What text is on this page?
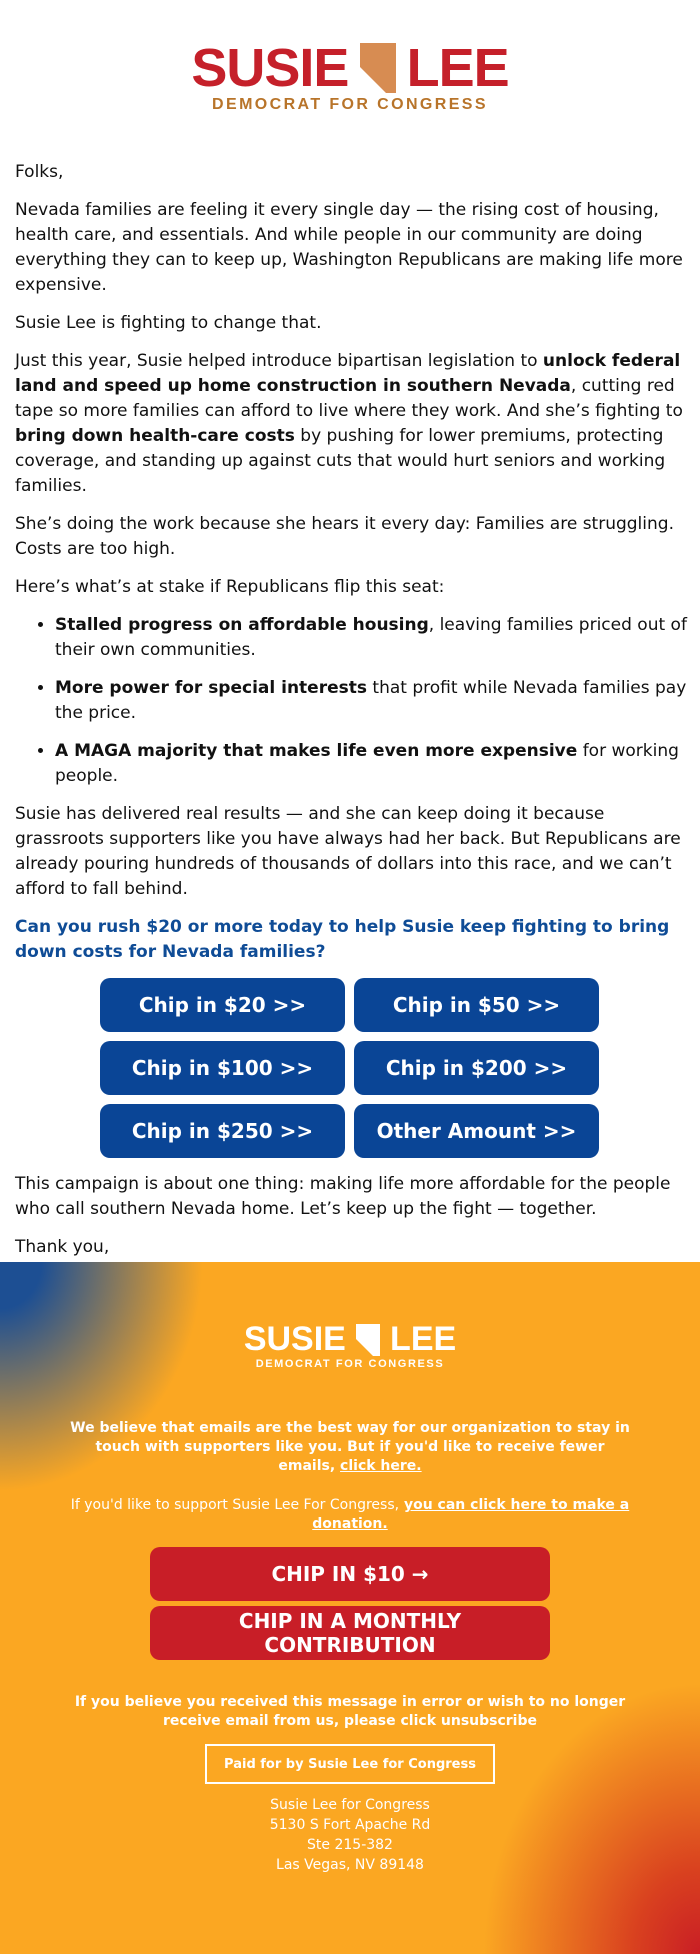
SUSIE LEE
DEMOCRAT FOR CONGRESS

Folks,

Nevada families are feeling it every single day — the rising cost of housing, health care, and essentials. And while people in our community are doing everything they can to keep up, Washington Republicans are making life more expensive.

Susie Lee is fighting to change that.

Just this year, Susie helped introduce bipartisan legislation to unlock federal land and speed up home construction in southern Nevada, cutting red tape so more families can afford to live where they work. And she’s fighting to bring down health-care costs by pushing for lower premiums, protecting coverage, and standing up against cuts that would hurt seniors and working families.

She’s doing the work because she hears it every day: Families are struggling. Costs are too high.

Here’s what’s at stake if Republicans flip this seat:

• Stalled progress on affordable housing, leaving families priced out of their own communities.
• More power for special interests that profit while Nevada families pay the price.
• A MAGA majority that makes life even more expensive for working people.

Susie has delivered real results — and she can keep doing it because grassroots supporters like you have always had her back. But Republicans are already pouring hundreds of thousands of dollars into this race, and we can’t afford to fall behind.

Can you rush $20 or more today to help Susie keep fighting to bring down costs for Nevada families?

Chip in $20 >>	Chip in $50 >>
Chip in $100 >>	Chip in $200 >>
Chip in $250 >>	Other Amount >>

This campaign is about one thing: making life more affordable for the people who call southern Nevada home. Let’s keep up the fight — together.

Thank you,

SUSIE LEE
DEMOCRAT FOR CONGRESS
We believe that emails are the best way for our organization to stay in touch with supporters like you. But if you'd like to receive fewer emails, click here.
If you'd like to support Susie Lee For Congress, you can click here to make a donation.
CHIP IN $10 →
CHIP IN A MONTHLY CONTRIBUTION
If you believe you received this message in error or wish to no longer receive email from us, please click unsubscribe
Paid for by Susie Lee for Congress
Susie Lee for Congress
5130 S Fort Apache Rd
Ste 215-382
Las Vegas, NV 89148
